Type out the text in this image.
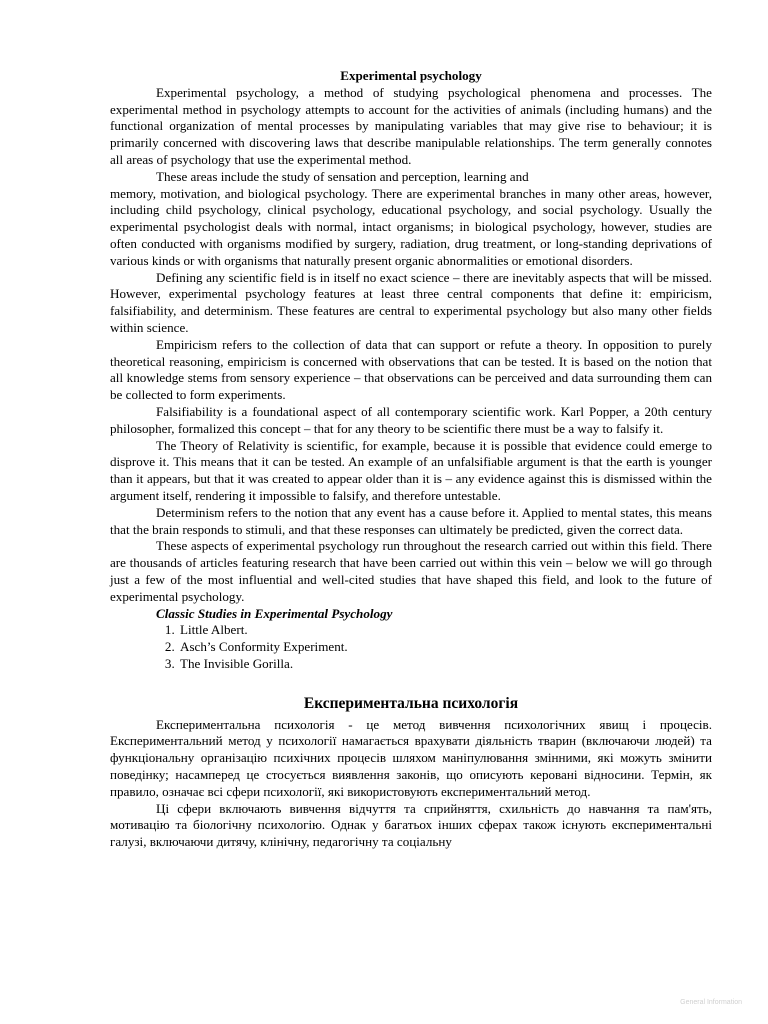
Experimental psychology

Experimental psychology, a method of studying psychological phenomena and processes. The experimental method in psychology attempts to account for the activities of animals (including humans) and the functional organization of mental processes by manipulating variables that may give rise to behaviour; it is primarily concerned with discovering laws that describe manipulable relationships. The term generally connotes all areas of psychology that use the experimental method.

These areas include the study of sensation and perception, learning and

memory, motivation, and biological psychology. There are experimental branches in many other areas, however, including child psychology, clinical psychology, educational psychology, and social psychology. Usually the experimental psychologist deals with normal, intact organisms; in biological psychology, however, studies are often conducted with organisms modified by surgery, radiation, drug treatment, or long-standing deprivations of various kinds or with organisms that naturally present organic abnormalities or emotional disorders.

Defining any scientific field is in itself no exact science – there are inevitably aspects that will be missed. However, experimental psychology features at least three central components that define it: empiricism, falsifiability, and determinism. These features are central to experimental psychology but also many other fields within science.

Empiricism refers to the collection of data that can support or refute a theory. In opposition to purely theoretical reasoning, empiricism is concerned with observations that can be tested. It is based on the notion that all knowledge stems from sensory experience – that observations can be perceived and data surrounding them can be collected to form experiments.

Falsifiability is a foundational aspect of all contemporary scientific work. Karl Popper, a 20th century philosopher, formalized this concept – that for any theory to be scientific there must be a way to falsify it.

The Theory of Relativity is scientific, for example, because it is possible that evidence could emerge to disprove it. This means that it can be tested. An example of an unfalsifiable argument is that the earth is younger than it appears, but that it was created to appear older than it is – any evidence against this is dismissed within the argument itself, rendering it impossible to falsify, and therefore untestable.

Determinism refers to the notion that any event has a cause before it. Applied to mental states, this means that the brain responds to stimuli, and that these responses can ultimately be predicted, given the correct data.

These aspects of experimental psychology run throughout the research carried out within this field. There are thousands of articles featuring research that have been carried out within this vein – below we will go through just a few of the most influential and well-cited studies that have shaped this field, and look to the future of experimental psychology.

Classic Studies in Experimental Psychology

1. Little Albert.
2. Asch’s Conformity Experiment.
3. The Invisible Gorilla.

Експериментальна психологія

Експериментальна психологія - це метод вивчення психологічних явищ і процесів. Експериментальний метод у психології намагається врахувати діяльність тварин (включаючи людей) та функціональну організацію психічних процесів шляхом маніпулювання змінними, які можуть змінити поведінку; насамперед це стосується виявлення законів, що описують керовані відносини. Термін, як правило, означає всі сфери психології, які використовують експериментальний метод.

Ці сфери включають вивчення відчуття та сприйняття, схильність до навчання та пам'ять, мотивацію та біологічну психологію. Однак у багатьох інших сферах також існують експериментальні галузі, включаючи дитячу, клінічну, педагогічну та соціальну

General Information
